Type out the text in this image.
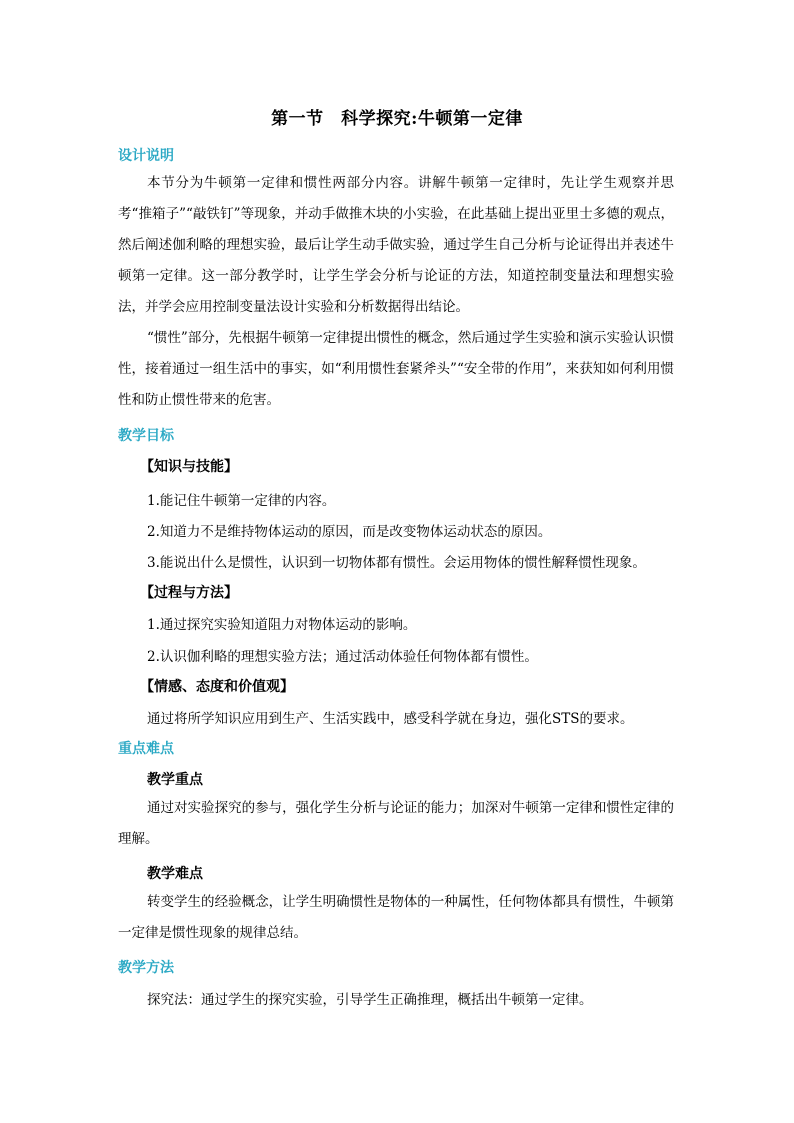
第一节　科学探究:牛顿第一定律
设计说明

本节分为牛顿第一定律和惯性两部分内容。讲解牛顿第一定律时，先让学生观察并思考“推箱子”“敲铁钉”等现象，并动手做推木块的小实验，在此基础上提出亚里士多德的观点，然后阐述伽利略的理想实验，最后让学生动手做实验，通过学生自己分析与论证得出并表述牛顿第一定律。这一部分教学时，让学生学会分析与论证的方法，知道控制变量法和理想实验法，并学会应用控制变量法设计实验和分析数据得出结论。

“惯性”部分，先根据牛顿第一定律提出惯性的概念，然后通过学生实验和演示实验认识惯性，接着通过一组生活中的事实，如“利用惯性套紧斧头”“安全带的作用”，来获知如何利用惯性和防止惯性带来的危害。

教学目标
【知识与技能】
1.能记住牛顿第一定律的内容。
2.知道力不是维持物体运动的原因，而是改变物体运动状态的原因。
3.能说出什么是惯性，认识到一切物体都有惯性。会运用物体的惯性解释惯性现象。
【过程与方法】
1.通过探究实验知道阻力对物体运动的影响。
2.认识伽利略的理想实验方法；通过活动体验任何物体都有惯性。
【情感、态度和价值观】
通过将所学知识应用到生产、生活实践中，感受科学就在身边，强化STS的要求。
重点难点
教学重点

通过对实验探究的参与，强化学生分析与论证的能力；加深对牛顿第一定律和惯性定律的理解。

教学难点

转变学生的经验概念，让学生明确惯性是物体的一种属性，任何物体都具有惯性，牛顿第一定律是惯性现象的规律总结。

教学方法
探究法：通过学生的探究实验，引导学生正确推理，概括出牛顿第一定律。
